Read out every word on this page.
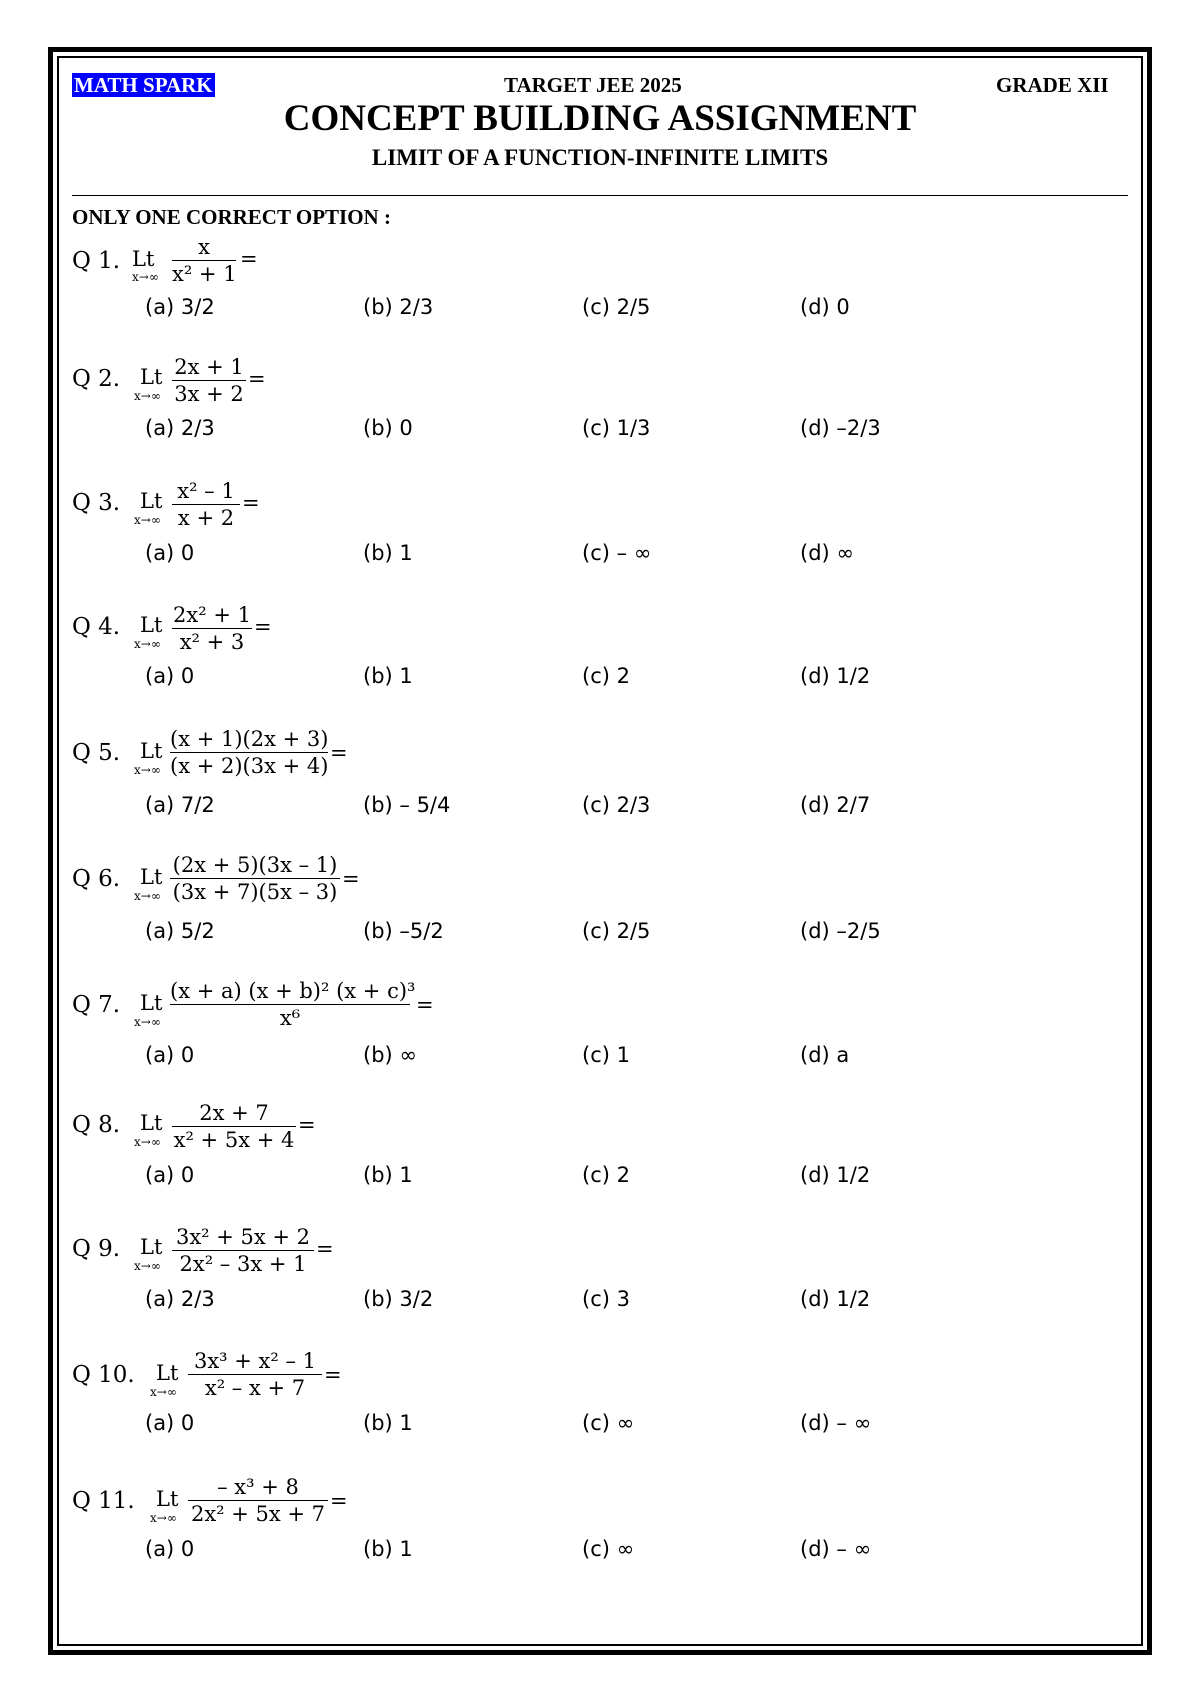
MATH SPARK	TARGET JEE 2025	GRADE XII
CONCEPT BUILDING ASSIGNMENT
LIMIT OF A FUNCTION-INFINITE LIMITS
ONLY ONE CORRECT OPTION :
Q 1. Lt
x→∞
x
x² + 1
=
(a) 3/2	(b) 2/3	(c) 2/5	(d) 0
Q 2. Lt
x→∞
2x + 1
3x + 2
=
(a) 2/3	(b) 0	(c) 1/3	(d) –2/3
Q 3. Lt
x→∞
x² – 1
x + 2
=
(a) 0	(b) 1	(c) – ∞	(d) ∞
Q 4. Lt
x→∞
2x² + 1
x² + 3
=
(a) 0	(b) 1	(c) 2	(d) 1/2
Q 5. Lt
x→∞
(x + 1)(2x + 3)
(x + 2)(3x + 4)
=
(a) 7/2	(b) – 5/4	(c) 2/3	(d) 2/7
Q 6. Lt
x→∞
(2x + 5)(3x – 1)
(3x + 7)(5x – 3)
=
(a) 5/2	(b) –5/2	(c) 2/5	(d) –2/5
Q 7. Lt
x→∞
(x + a) (x + b)² (x + c)³
x⁶
=
(a) 0	(b) ∞	(c) 1	(d) a
Q 8. Lt
x→∞
2x + 7
x² + 5x + 4
=
(a) 0	(b) 1	(c) 2	(d) 1/2
Q 9. Lt
x→∞
3x² + 5x + 2
2x² – 3x + 1
=
(a) 2/3	(b) 3/2	(c) 3	(d) 1/2
Q 10. Lt
x→∞
3x³ + x² – 1
x² – x + 7
=
(a) 0	(b) 1	(c) ∞	(d) – ∞
Q 11. Lt
x→∞
– x³ + 8
2x² + 5x + 7
=
(a) 0	(b) 1	(c) ∞	(d) – ∞
